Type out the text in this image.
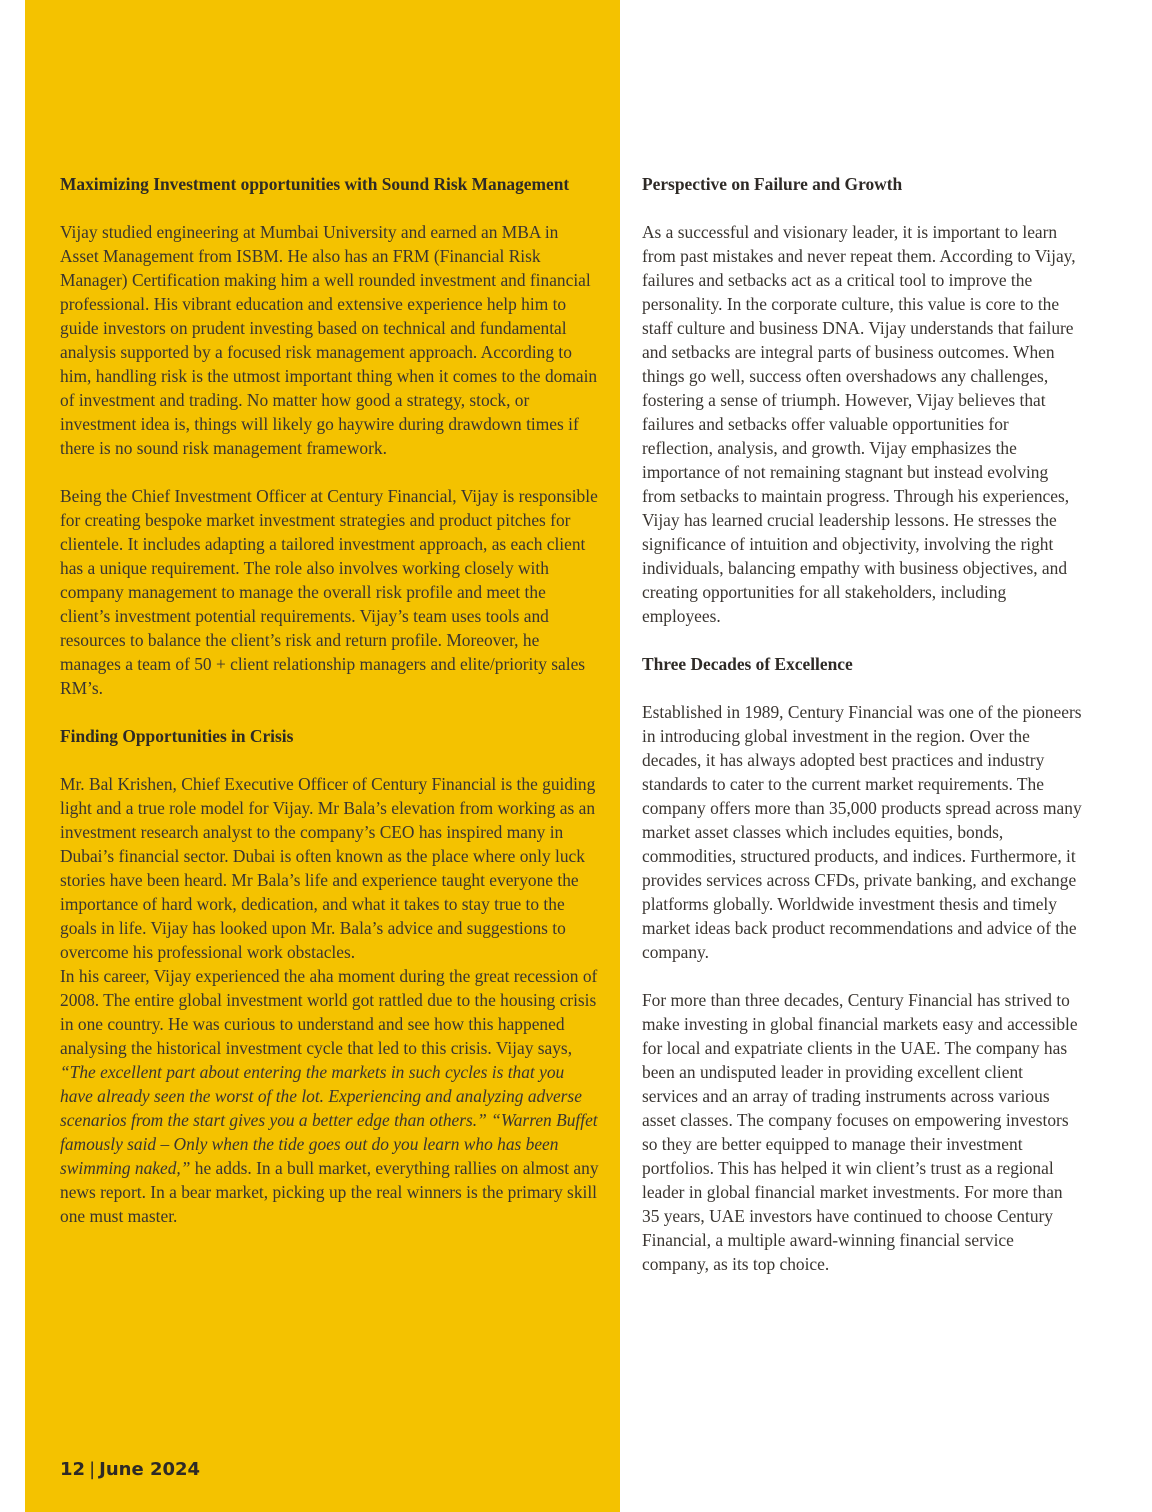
Maximizing Investment opportunities with Sound Risk Management

Vijay studied engineering at Mumbai University and earned an MBA in Asset Management from ISBM. He also has an FRM (Financial Risk Manager) Certification making him a well rounded investment and financial professional. His vibrant education and extensive experience help him to guide investors on prudent investing based on technical and fundamental analysis supported by a focused risk management approach. According to him, handling risk is the utmost important thing when it comes to the domain of investment and trading. No matter how good a strategy, stock, or investment idea is, things will likely go haywire during drawdown times if there is no sound risk management framework.

Being the Chief Investment Officer at Century Financial, Vijay is responsible for creating bespoke market investment strategies and product pitches for clientele. It includes adapting a tailored investment approach, as each client has a unique requirement. The role also involves working closely with company management to manage the overall risk profile and meet the client’s investment potential requirements. Vijay’s team uses tools and resources to balance the client’s risk and return profile. Moreover, he manages a team of 50 + client relationship managers and elite/priority sales RM’s.

Finding Opportunities in Crisis

Mr. Bal Krishen, Chief Executive Officer of Century Financial is the guiding light and a true role model for Vijay. Mr Bala’s elevation from working as an investment research analyst to the company’s CEO has inspired many in Dubai’s financial sector. Dubai is often known as the place where only luck stories have been heard. Mr Bala’s life and experience taught everyone the importance of hard work, dedication, and what it takes to stay true to the goals in life. Vijay has looked upon Mr. Bala’s advice and suggestions to overcome his professional work obstacles.

In his career, Vijay experienced the aha moment during the great recession of 2008. The entire global investment world got rattled due to the housing crisis in one country. He was curious to understand and see how this happened analysing the historical investment cycle that led to this crisis. Vijay says, “The excellent part about entering the markets in such cycles is that you have already seen the worst of the lot. Experiencing and analyzing adverse scenarios from the start gives you a better edge than others.” “Warren Buffet famously said – Only when the tide goes out do you learn who has been swimming naked,” he adds. In a bull market, everything rallies on almost any news report. In a bear market, picking up the real winners is the primary skill one must master.

Perspective on Failure and Growth

As a successful and visionary leader, it is important to learn from past mistakes and never repeat them. According to Vijay, failures and setbacks act as a critical tool to improve the personality. In the corporate culture, this value is core to the staff culture and business DNA. Vijay understands that failure and setbacks are integral parts of business outcomes. When things go well, success often overshadows any challenges, fostering a sense of triumph. However, Vijay believes that failures and setbacks offer valuable opportunities for reflection, analysis, and growth. Vijay emphasizes the importance of not remaining stagnant but instead evolving from setbacks to maintain progress. Through his experiences, Vijay has learned crucial leadership lessons. He stresses the significance of intuition and objectivity, involving the right individuals, balancing empathy with business objectives, and creating opportunities for all stakeholders, including employees.

Three Decades of Excellence

Established in 1989, Century Financial was one of the pioneers in introducing global investment in the region. Over the decades, it has always adopted best practices and industry standards to cater to the current market requirements. The company offers more than 35,000 products spread across many market asset classes which includes equities, bonds, commodities, structured products, and indices. Furthermore, it provides services across CFDs, private banking, and exchange platforms globally. Worldwide investment thesis and timely market ideas back product recommendations and advice of the company.

For more than three decades, Century Financial has strived to make investing in global financial markets easy and accessible for local and expatriate clients in the UAE. The company has been an undisputed leader in providing excellent client services and an array of trading instruments across various asset classes. The company focuses on empowering investors so they are better equipped to manage their investment portfolios. This has helped it win client’s trust as a regional leader in global financial market investments. For more than 35 years, UAE investors have continued to choose Century Financial, a multiple award-winning financial service company, as its top choice.

12 | June 2024
